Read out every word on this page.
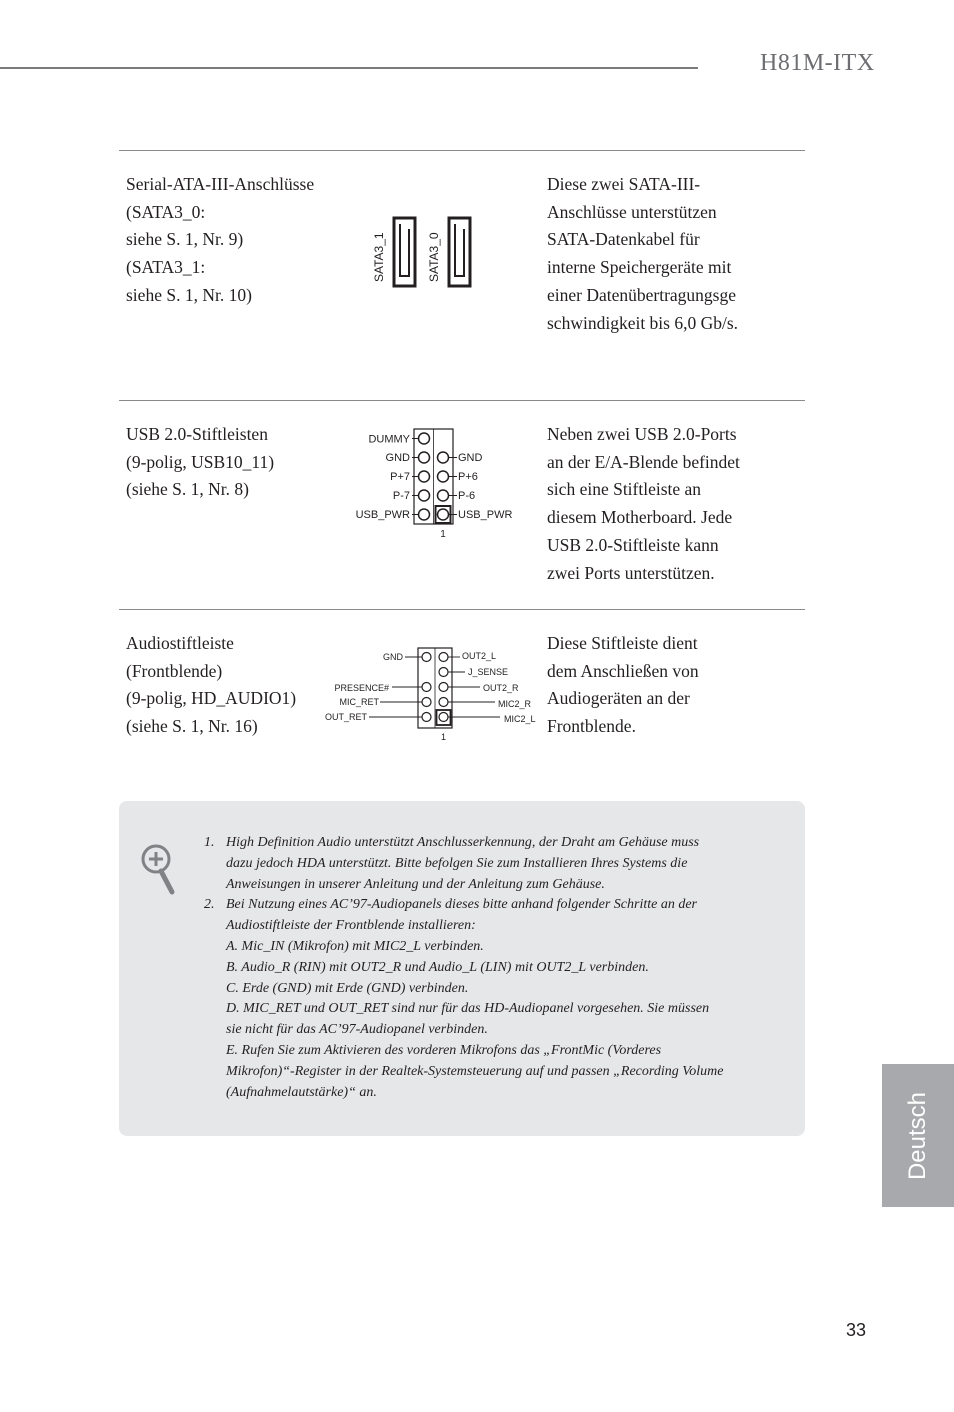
H81M-ITX

Serial-ATA-III-Anschlüsse
(SATA3_0:
siehe S. 1, Nr. 9)
(SATA3_1:
siehe S. 1, Nr. 10)

SATA3_1	SATA3_0

Diese zwei SATA-III-
Anschlüsse unterstützen
SATA-Datenkabel für
interne Speichergeräte mit
einer Datenübertragungsge
schwindigkeit bis 6,0 Gb/s.

USB 2.0-Stiftleisten
(9-polig, USB10_11)
(siehe S. 1, Nr. 8)

DUMMY
GND
P+7
P-7
USB_PWR
GND
P+6
P-6
USB_PWR
1

Neben zwei USB 2.0-Ports
an der E/A-Blende befindet
sich eine Stiftleiste an
diesem Motherboard. Jede
USB 2.0-Stiftleiste kann
zwei Ports unterstützen.

Audiostiftleiste
(Frontblende)
(9-polig, HD_AUDIO1)
(siehe S. 1, Nr. 16)

GND
PRESENCE#
MIC_RET
OUT_RET
OUT2_L
J_SENSE
OUT2_R
MIC2_R
MIC2_L
1

Diese Stiftleiste dient
dem Anschließen von
Audiogeräten an der
Frontblende.

1. High Definition Audio unterstützt Anschlusserkennung, der Draht am Gehäuse muss
dazu jedoch HDA unterstützt. Bitte befolgen Sie zum Installieren Ihres Systems die
Anweisungen in unserer Anleitung und der Anleitung zum Gehäuse.
2. Bei Nutzung eines AC’97-Audiopanels dieses bitte anhand folgender Schritte an der
Audiostiftleiste der Frontblende installieren:
A. Mic_IN (Mikrofon) mit MIC2_L verbinden.
B. Audio_R (RIN) mit OUT2_R und Audio_L (LIN) mit OUT2_L verbinden.
C. Erde (GND) mit Erde (GND) verbinden.
D. MIC_RET und OUT_RET sind nur für das HD-Audiopanel vorgesehen. Sie müssen
sie nicht für das AC’97-Audiopanel verbinden.
E. Rufen Sie zum Aktivieren des vorderen Mikrofons das „FrontMic (Vorderes
Mikrofon)“-Register in der Realtek-Systemsteuerung auf und passen „Recording Volume
(Aufnahmelautstärke)“ an.	Deutsch
33
